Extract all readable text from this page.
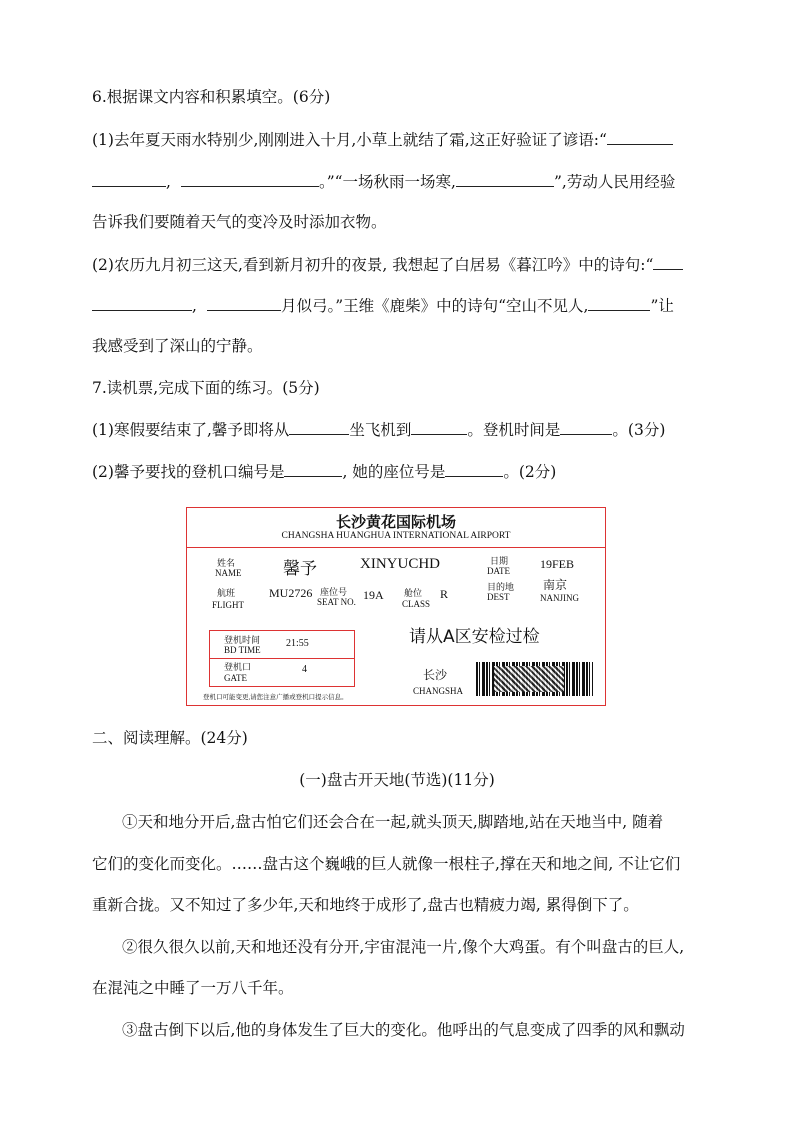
6.根据课文内容和积累填空。(6分)
(1)去年夏天雨水特别少,刚刚进入十月,小草上就结了霜,这正好验证了谚语:“
,	。”“一场秋雨一场寒,	”,劳动人民用经验
告诉我们要随着天气的变冷及时添加衣物。
(2)农历九月初三这天,看到新月初升的夜景, 我想起了白居易《暮江吟》中的诗句:“
,	月似弓。”王维《鹿柴》中的诗句“空山不见人,	”让
我感受到了深山的宁静。
7.读机票,完成下面的练习。(5分)
(1)寒假要结束了,馨予即将从	坐飞机到	。登机时间是	。(3分)
(2)馨予要找的登机口编号是	, 她的座位号是	。(2分)
长沙黄花国际机场
CHANGSHA HUANGHUA INTERNATIONAL AIRPORT
姓名
NAME 馨予	XINYUCHD	日期
DATE	19FEB
航班
FLIGHT
MU2726 座位号
SEAT NO. 19A 舱位
CLASS
R	目的地
DEST
南京
NANJING
登机时间
BD TIME
21:55
登机口
GATE
4
请从A区安检过检
长沙
CHANGSHA
登机口可能变更,请您注意广播或登机口提示信息。
二、阅读理解。(24分)
(一)盘古开天地(节选)(11分)
①天和地分开后,盘古怕它们还会合在一起,就头顶天,脚踏地,站在天地当中, 随着
它们的变化而变化。……盘古这个巍峨的巨人就像一根柱子,撑在天和地之间, 不让它们
重新合拢。又不知过了多少年,天和地终于成形了,盘古也精疲力竭, 累得倒下了。
②很久很久以前,天和地还没有分开,宇宙混沌一片,像个大鸡蛋。有个叫盘古的巨人,
在混沌之中睡了一万八千年。
③盘古倒下以后,他的身体发生了巨大的变化。他呼出的气息变成了四季的风和飘动
